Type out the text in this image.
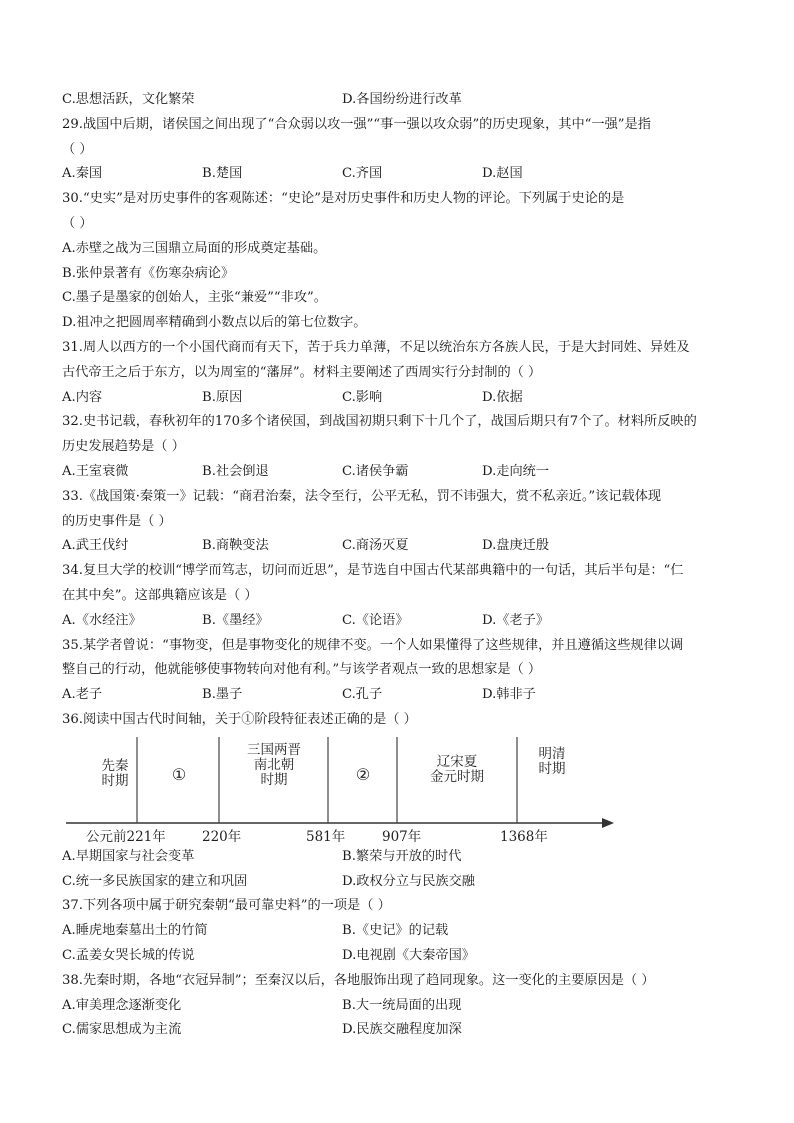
C.思想活跃，文化繁荣	D.各国纷纷进行改革
29.战国中后期，诸侯国之间出现了“合众弱以攻一强”“事一强以攻众弱”的历史现象，其中“一强”是指
（ ）
A.秦国	B.楚国	C.齐国	D.赵国
30.“史实”是对历史事件的客观陈述：“史论”是对历史事件和历史人物的评论。下列属于史论的是
（ ）
A.赤壁之战为三国鼎立局面的形成奠定基础。
B.张仲景著有《伤寒杂病论》
C.墨子是墨家的创始人，主张“兼爱”“非攻”。
D.祖冲之把圆周率精确到小数点以后的第七位数字。
31.周人以西方的一个小国代商而有天下，苦于兵力单薄，不足以统治东方各族人民，于是大封同姓、异姓及
古代帝王之后于东方，以为周室的“藩屏”。材料主要阐述了西周实行分封制的（ ）
A.内容	B.原因	C.影响	D.依据
32.史书记载，春秋初年的170多个诸侯国，到战国初期只剩下十几个了，战国后期只有7个了。材料所反映的
历史发展趋势是（ ）
A.王室衰微	B.社会倒退	C.诸侯争霸	D.走向统一
33.《战国策·秦策一》记载：“商君治秦，法令至行，公平无私，罚不讳强大，赏不私亲近。”该记载体现
的历史事件是（ ）
A.武王伐纣	B.商鞅变法	C.商汤灭夏	D.盘庚迁殷
34.复旦大学的校训“博学而笃志，切问而近思”，是节选自中国古代某部典籍中的一句话，其后半句是：“仁
在其中矣”。这部典籍应该是（ ）
A.《水经注》	B.《墨经》	C.《论语》	D.《老子》
35.某学者曾说：“事物变，但是事物变化的规律不变。一个人如果懂得了这些规律，并且遵循这些规律以调
整自己的行动，他就能够使事物转向对他有利。”与该学者观点一致的思想家是（ ）
A.老子	B.墨子	C.孔子	D.韩非子
36.阅读中国古代时间轴，关于①阶段特征表述正确的是（ ）
先秦
时期	①
三国两晋
南北朝
时期	②
辽宋夏
金元时期
明清
时期
公元前221年	220年	581年	907年	1368年
A.早期国家与社会变革	B.繁荣与开放的时代
C.统一多民族国家的建立和巩固	D.政权分立与民族交融
37.下列各项中属于研究秦朝“最可靠史料”的一项是（ ）
A.睡虎地秦墓出土的竹简	B.《史记》的记载
C.孟姜女哭长城的传说	D.电视剧《大秦帝国》
38.先秦时期，各地“衣冠异制”；至秦汉以后，各地服饰出现了趋同现象。这一变化的主要原因是（ ）
A.审美理念逐渐变化	B.大一统局面的出现
C.儒家思想成为主流	D.民族交融程度加深
